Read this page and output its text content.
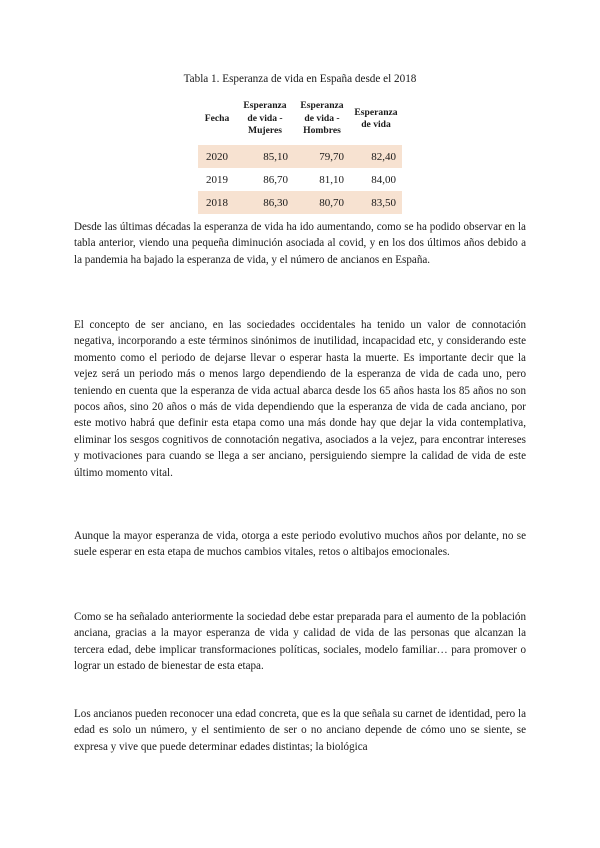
Tabla 1. Esperanza de vida en España desde el 2018
Fecha	Esperanza de vida - Mujeres	Esperanza de vida - Hombres	Esperanza de vida
2020	85,10	79,70	82,40
2019	86,70	81,10	84,00
2018	86,30	80,70	83,50

Desde las últimas décadas la esperanza de vida ha ido aumentando, como se ha podido observar en la tabla anterior, viendo una pequeña diminución asociada al covid, y en los dos últimos años debido a la pandemia ha bajado la esperanza de vida, y el número de ancianos en España.

El concepto de ser anciano, en las sociedades occidentales ha tenido un valor de connotación negativa, incorporando a este términos sinónimos de inutilidad, incapacidad etc, y considerando este momento como el periodo de dejarse llevar o esperar hasta la muerte. Es importante decir que la vejez será un periodo más o menos largo dependiendo de la esperanza de vida de cada uno, pero teniendo en cuenta que la esperanza de vida actual abarca desde los 65 años hasta los 85 años no son pocos años, sino 20 años o más de vida dependiendo que la esperanza de vida de cada anciano, por este motivo habrá que definir esta etapa como una más donde hay que dejar la vida contemplativa, eliminar los sesgos cognitivos de connotación negativa, asociados a la vejez, para encontrar intereses y motivaciones para cuando se llega a ser anciano, persiguiendo siempre la calidad de vida de este último momento vital.

Aunque la mayor esperanza de vida, otorga a este periodo evolutivo muchos años por delante, no se suele esperar en esta etapa de muchos cambios vitales, retos o altibajos emocionales.

Como se ha señalado anteriormente la sociedad debe estar preparada para el aumento de la población anciana, gracias a la mayor esperanza de vida y calidad de vida de las personas que alcanzan la tercera edad, debe implicar transformaciones políticas, sociales, modelo familiar… para promover o lograr un estado de bienestar de esta etapa.

Los ancianos pueden reconocer una edad concreta, que es la que señala su carnet de identidad, pero la edad es solo un número, y el sentimiento de ser o no anciano depende de cómo uno se siente, se expresa y vive que puede determinar edades distintas; la biológica
